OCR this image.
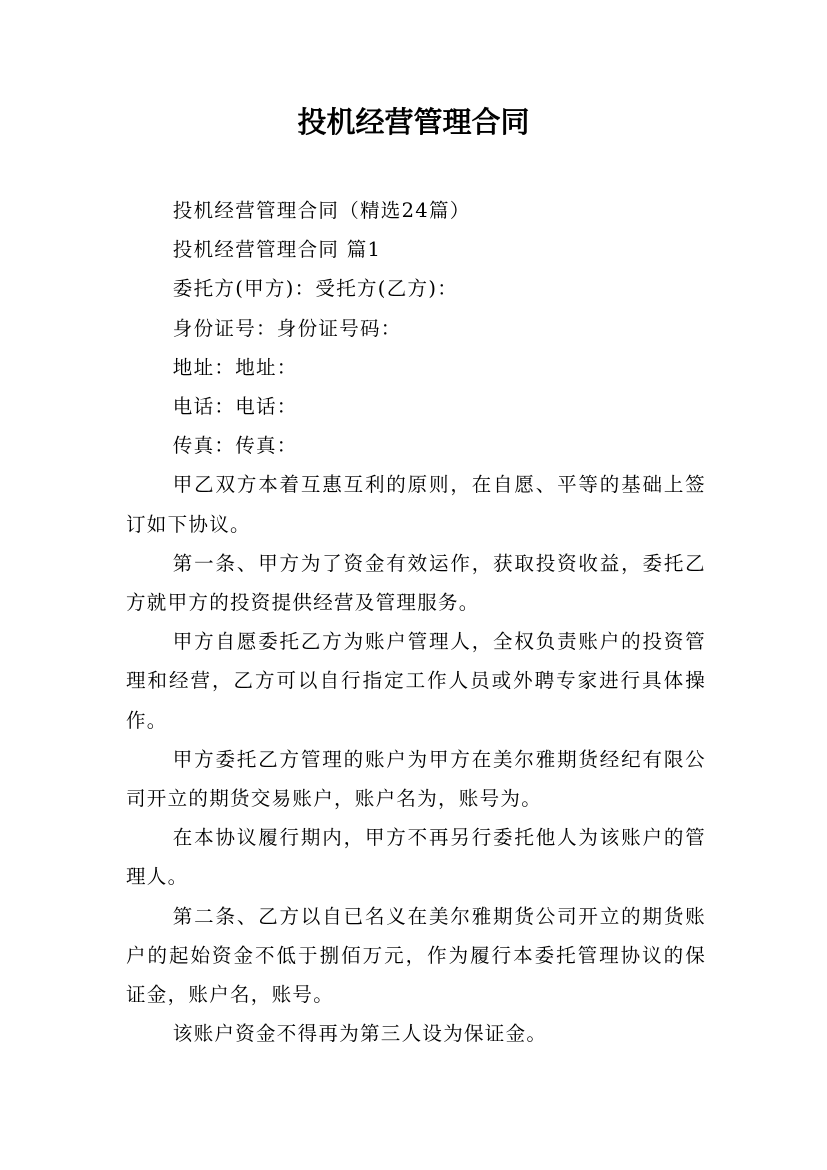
投机经营管理合同

投机经营管理合同（精选24篇）

投机经营管理合同 篇1

委托方(甲方)：受托方(乙方)：

身份证号：身份证号码：

地址：地址：

电话：电话：

传真：传真：

甲乙双方本着互惠互利的原则，在自愿、平等的基础上签订如下协议。

第一条、甲方为了资金有效运作，获取投资收益，委托乙方就甲方的投资提供经营及管理服务。

甲方自愿委托乙方为账户管理人，全权负责账户的投资管理和经营，乙方可以自行指定工作人员或外聘专家进行具体操作。

甲方委托乙方管理的账户为甲方在美尔雅期货经纪有限公司开立的期货交易账户，账户名为，账号为。

在本协议履行期内，甲方不再另行委托他人为该账户的管理人。

第二条、乙方以自已名义在美尔雅期货公司开立的期货账户的起始资金不低于捌佰万元，作为履行本委托管理协议的保证金，账户名，账号。

该账户资金不得再为第三人设为保证金。
